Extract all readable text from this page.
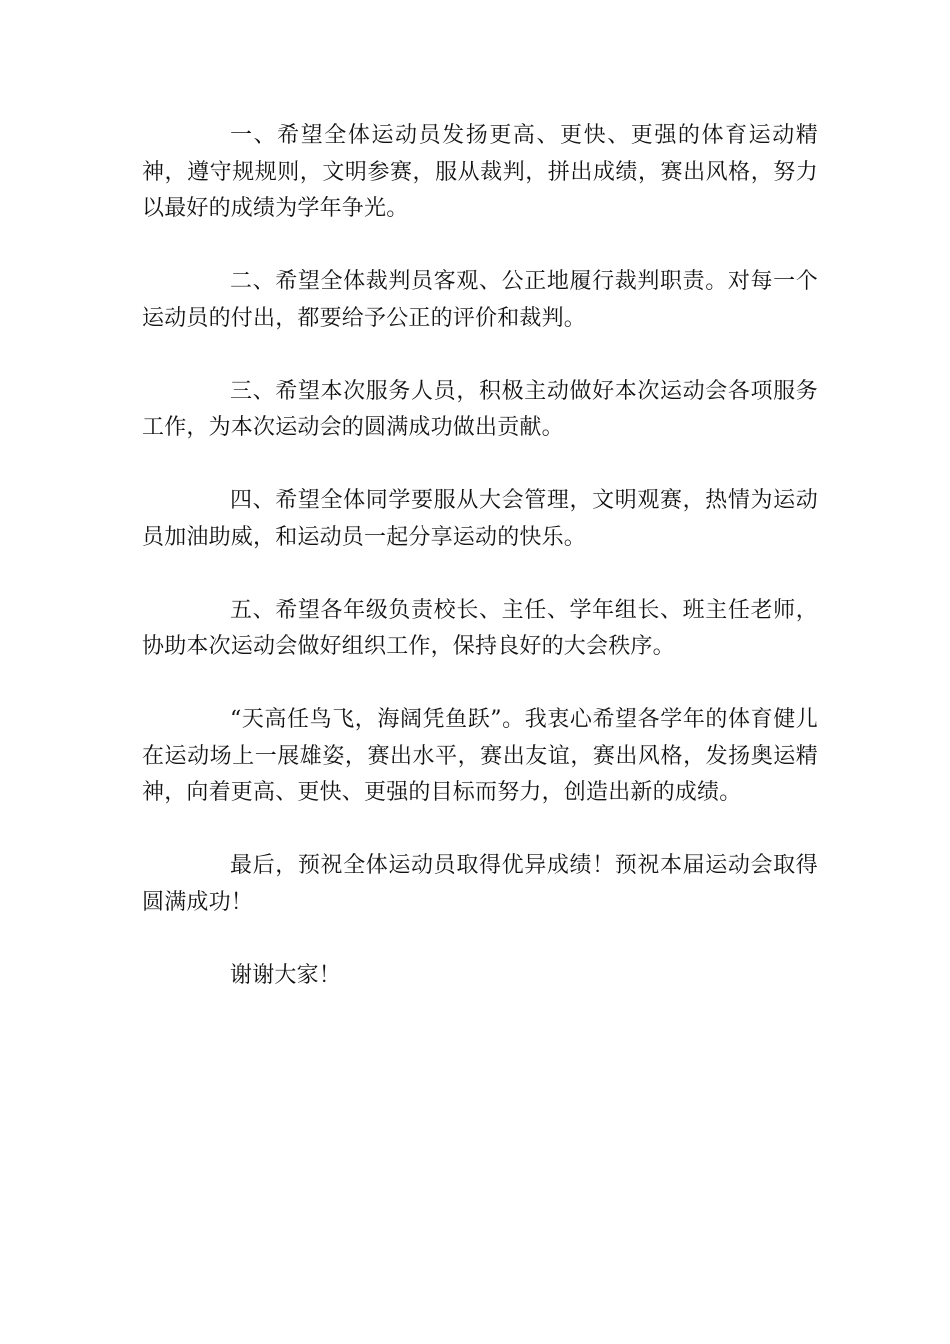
一、希望全体运动员发扬更高、更快、更强的体育运动精神，遵守规规则，文明参赛，服从裁判，拼出成绩，赛出风格，努力以最好的成绩为学年争光。

二、希望全体裁判员客观、公正地履行裁判职责。对每一个运动员的付出，都要给予公正的评价和裁判。

三、希望本次服务人员，积极主动做好本次运动会各项服务工作，为本次运动会的圆满成功做出贡献。

四、希望全体同学要服从大会管理，文明观赛，热情为运动员加油助威，和运动员一起分享运动的快乐。

五、希望各年级负责校长、主任、学年组长、班主任老师，协助本次运动会做好组织工作，保持良好的大会秩序。

“天高任鸟飞，海阔凭鱼跃”。我衷心希望各学年的体育健儿在运动场上一展雄姿，赛出水平，赛出友谊，赛出风格，发扬奥运精神，向着更高、更快、更强的目标而努力，创造出新的成绩。

最后，预祝全体运动员取得优异成绩！预祝本届运动会取得圆满成功！

谢谢大家！
